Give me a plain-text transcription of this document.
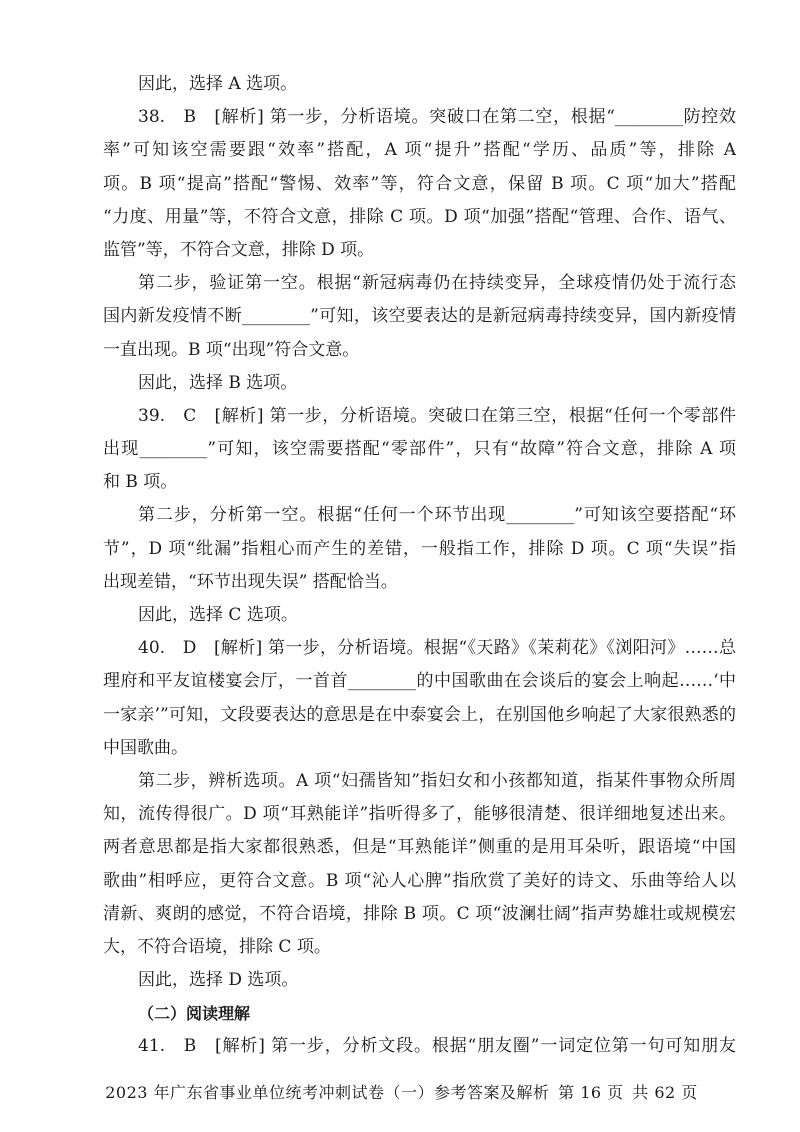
因此，选择 A 选项。
38.　B　[解析] 第一步，分析语境。突破口在第二空，根据“________防控效
率”可知该空需要跟“效率”搭配，A 项“提升”搭配“学历、品质”等，排除 A
项。B 项“提高”搭配“警惕、效率”等，符合文意，保留 B 项。C 项“加大”搭配
“力度、用量”等，不符合文意，排除 C 项。D 项“加强”搭配“管理、合作、语气、
监管”等，不符合文意，排除 D 项。
第二步，验证第一空。根据“新冠病毒仍在持续变异，全球疫情仍处于流行态
国内新发疫情不断________”可知，该空要表达的是新冠病毒持续变异，国内新疫情
一直出现。B 项“出现”符合文意。
因此，选择 B 选项。
39.　C　[解析] 第一步，分析语境。突破口在第三空，根据“任何一个零部件
出现________”可知，该空需要搭配“零部件”，只有“故障”符合文意，排除 A 项
和 B 项。
第二步，分析第一空。根据“任何一个环节出现________”可知该空要搭配“环
节”，D 项“纰漏”指粗心而产生的差错，一般指工作，排除 D 项。C 项“失误”指
出现差错，“环节出现失误” 搭配恰当。
因此，选择 C 选项。
40.　D　[解析] 第一步，分析语境。根据“《天路》《茉莉花》《浏阳河》……总
理府和平友谊楼宴会厅，一首首________的中国歌曲在会谈后的宴会上响起……‘中
一家亲’”可知，文段要表达的意思是在中泰宴会上，在别国他乡响起了大家很熟悉的
中国歌曲。
第二步，辨析选项。A 项“妇孺皆知”指妇女和小孩都知道，指某件事物众所周
知，流传得很广。D 项“耳熟能详”指听得多了，能够很清楚、很详细地复述出来。
两者意思都是指大家都很熟悉，但是“耳熟能详”侧重的是用耳朵听，跟语境“中国
歌曲”相呼应，更符合文意。B 项“沁人心脾”指欣赏了美好的诗文、乐曲等给人以
清新、爽朗的感觉，不符合语境，排除 B 项。C 项“波澜壮阔”指声势雄壮或规模宏
大，不符合语境，排除 C 项。
因此，选择 D 选项。
（二）阅读理解
41.　B　[解析] 第一步，分析文段。根据“朋友圈”一词定位第一句可知朋友
2023 年广东省事业单位统考冲刺试卷（一）参考答案及解析 第 16 页 共 62 页
